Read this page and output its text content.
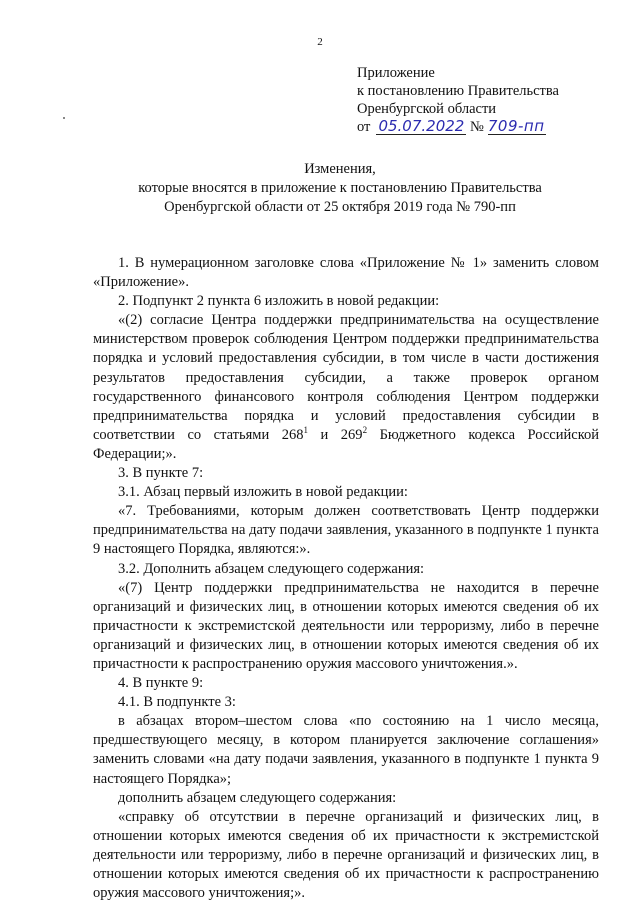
2
Приложение
к постановлению Правительства
Оренбургской области
от 05.07.2022 № 709-пп
Изменения,
которые вносятся в приложение к постановлению Правительства
Оренбургской области от 25 октября 2019 года № 790-пп

1. В нумерационном заголовке слова «Приложение № 1» заменить словом «Приложение».

2. Подпункт 2 пункта 6 изложить в новой редакции:

«(2) согласие Центра поддержки предпринимательства на осуществление министерством проверок соблюдения Центром поддержки предпринимательства порядка и условий предоставления субсидии, в том числе в части достижения результатов предоставления субсидии, а также проверок органом государственного финансового контроля соблюдения Центром поддержки предпринимательства порядка и условий предоставления субсидии в соответствии со статьями $268^1$ и $269^2$ Бюджетного кодекса Российской Федерации;».

3. В пункте 7:

3.1. Абзац первый изложить в новой редакции:

«7. Требованиями, которым должен соответствовать Центр поддержки предпринимательства на дату подачи заявления, указанного в подпункте 1 пункта 9 настоящего Порядка, являются:».

3.2. Дополнить абзацем следующего содержания:

«(7) Центр поддержки предпринимательства не находится в перечне организаций и физических лиц, в отношении которых имеются сведения об их причастности к экстремистской деятельности или терроризму, либо в перечне организаций и физических лиц, в отношении которых имеются сведения об их причастности к распространению оружия массового уничтожения.».

4. В пункте 9:

4.1. В подпункте 3:

в абзацах втором–шестом слова «по состоянию на 1 число месяца, предшествующего месяцу, в котором планируется заключение соглашения» заменить словами «на дату подачи заявления, указанного в подпункте 1 пункта 9 настоящего Порядка»;

дополнить абзацем следующего содержания:

«справку об отсутствии в перечне организаций и физических лиц, в отношении которых имеются сведения об их причастности к экстремистской деятельности или терроризму, либо в перечне организаций и физических лиц, в отношении которых имеются сведения об их причастности к распространению оружия массового уничтожения;».
